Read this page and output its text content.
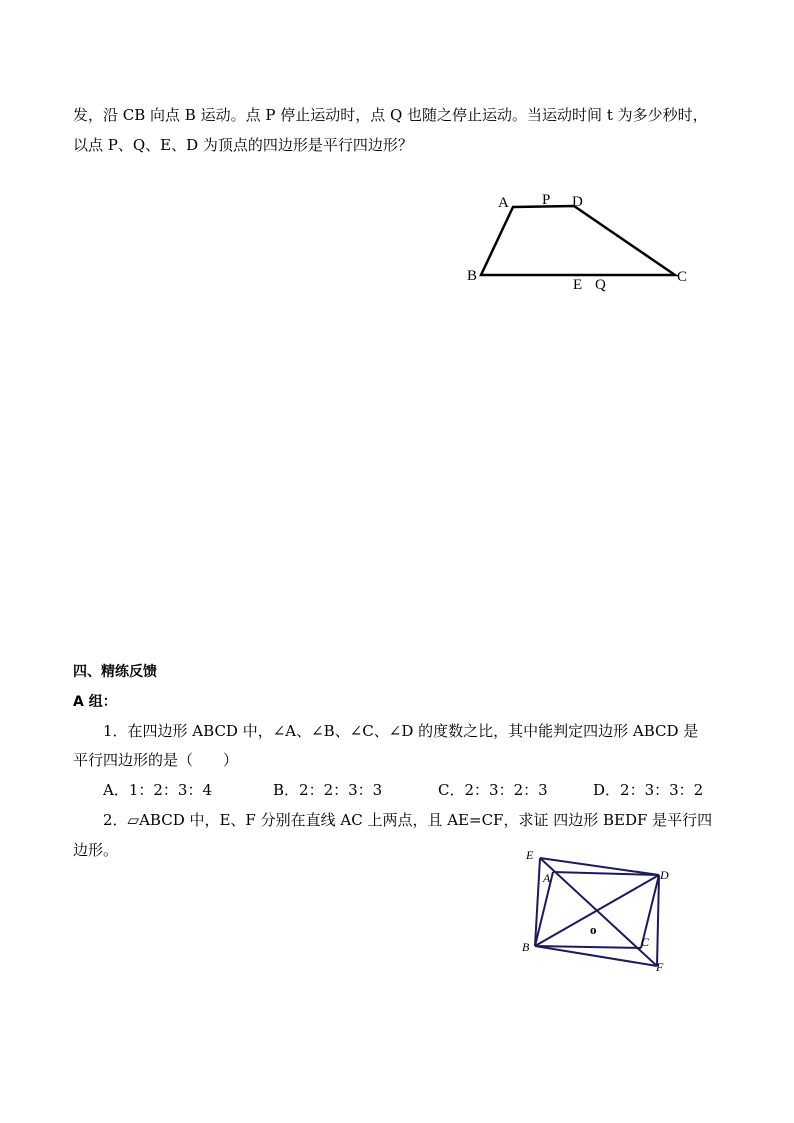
发，沿 CB 向点 B 运动。点 P 停止运动时，点 Q 也随之停止运动。当运动时间 t 为多少秒时，
以点 P、Q、E、D 为顶点的四边形是平行四边形？
A P D
B
E Q	C
四、精练反馈
A 组：
1．在四边形 ABCD 中，∠A、∠B、∠C、∠D 的度数之比，其中能判定四边形 ABCD 是
平行四边形的是（　　）
A．1：2：3：4	B．2：2：3：3	C．2：3：2：3	D．2：3：3：2
2．▱ABCD 中，E、F 分别在直线 AC 上两点，且 AE=CF，求证 四边形 BEDF 是平行四
边形。	E
A	D
o
B	C
F
